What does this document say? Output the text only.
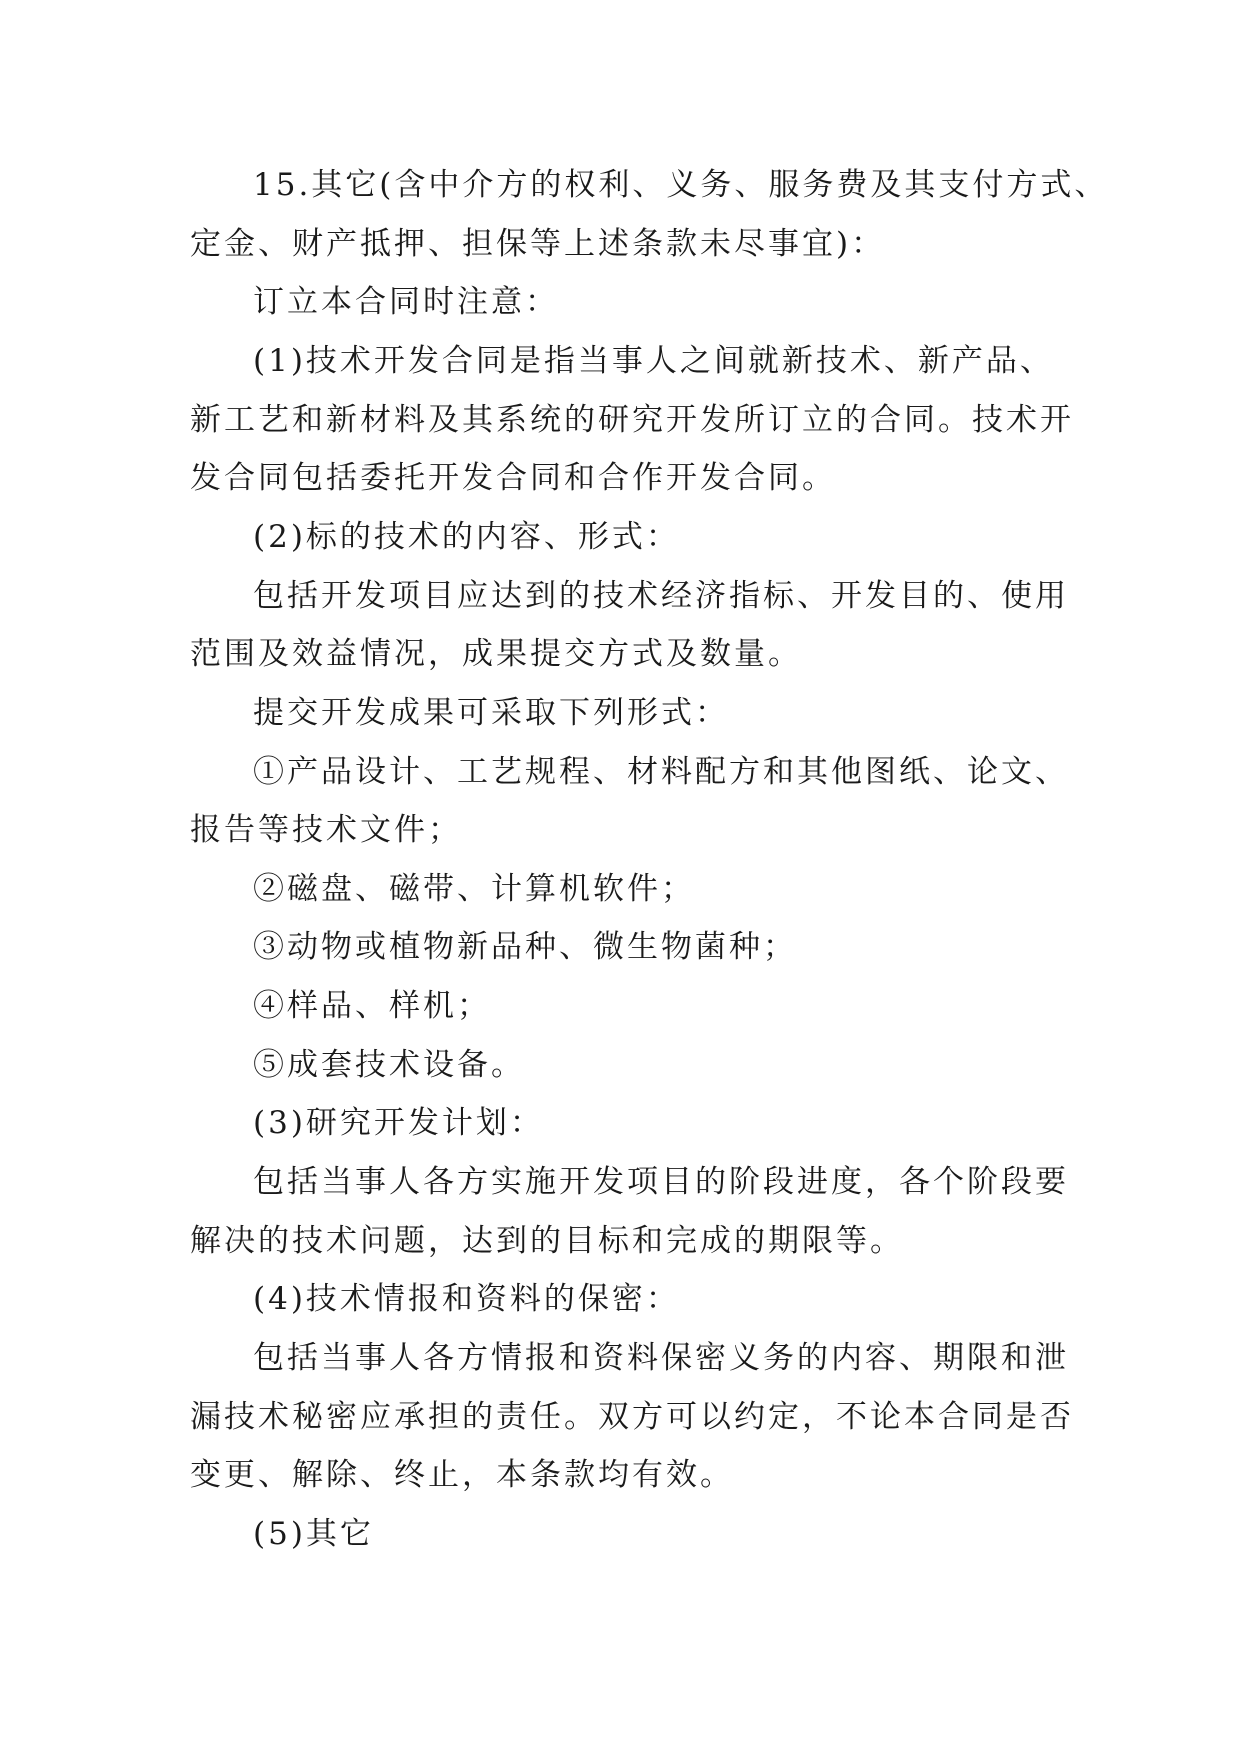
15.其它(含中介方的权利、义务、服务费及其支付方式、

定金、财产抵押、担保等上述条款未尽事宜)：

订立本合同时注意：

(1)技术开发合同是指当事人之间就新技术、新产品、

新工艺和新材料及其系统的研究开发所订立的合同。技术开

发合同包括委托开发合同和合作开发合同。

(2)标的技术的内容、形式：

包括开发项目应达到的技术经济指标、开发目的、使用

范围及效益情况，成果提交方式及数量。

提交开发成果可采取下列形式：

①产品设计、工艺规程、材料配方和其他图纸、论文、

报告等技术文件；

②磁盘、磁带、计算机软件；

③动物或植物新品种、微生物菌种；

④样品、样机；

⑤成套技术设备。

(3)研究开发计划：

包括当事人各方实施开发项目的阶段进度，各个阶段要

解决的技术问题，达到的目标和完成的期限等。

(4)技术情报和资料的保密：

包括当事人各方情报和资料保密义务的内容、期限和泄

漏技术秘密应承担的责任。双方可以约定，不论本合同是否

变更、解除、终止，本条款均有效。

(5)其它
